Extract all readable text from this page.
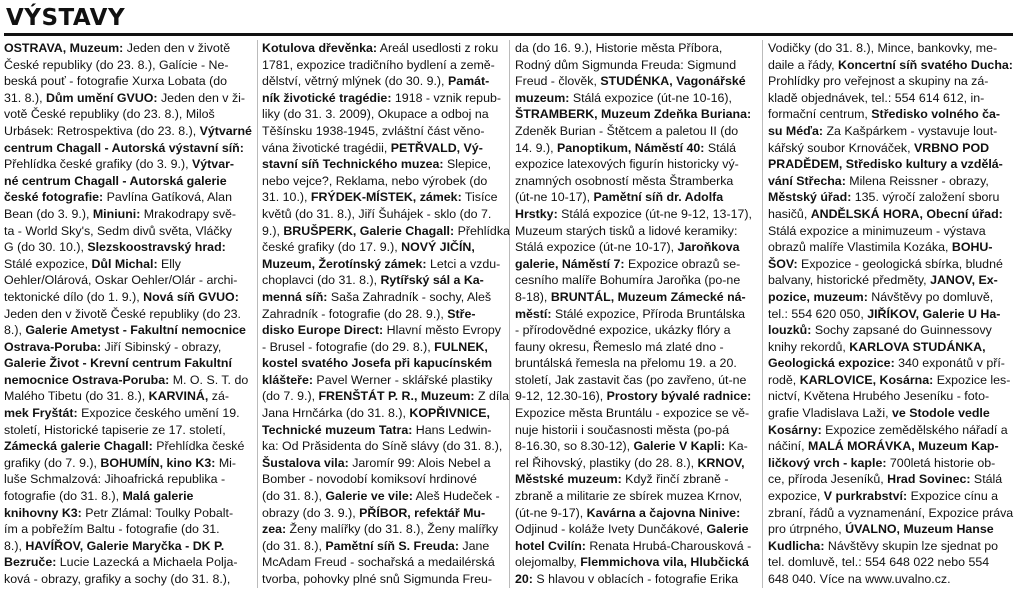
VÝSTAVY

OSTRAVA, Muzeum: Jeden den v životě

České republiky (do 23. 8.), Galície - Ne-

beská pouť - fotografie Xurxa Lobata (do

31. 8.), Dům umění GVUO: Jeden den v ži-

votě České republiky (do 23. 8.), Miloš

Urbásek: Retrospektiva (do 23. 8.), Výtvarné

centrum Chagall - Autorská výstavní síň:

Přehlídka české grafiky (do 3. 9.), Výtvar-

né centrum Chagall - Autorská galerie

české fotografie: Pavlína Gatíková, Alan

Bean (do 3. 9.), Miniuni: Mrakodrapy svě-

ta - World Sky's, Sedm divů světa, Vláčky

G (do 30. 10.), Slezskoostravský hrad:

Stálé expozice, Důl Michal: Elly

Oehler/Olárová, Oskar Oehler/Olár - archi-

tektonické dílo (do 1. 9.), Nová síň GVUO:

Jeden den v životě České republiky (do 23.

8.), Galerie Ametyst - Fakultní nemocnice

Ostrava-Poruba: Jiří Sibinský - obrazy,

Galerie Život - Krevní centrum Fakultní

nemocnice Ostrava-Poruba: M. O. S. T. do

Malého Tibetu (do 31. 8.), KARVINÁ, zá-

mek Fryštát: Expozice českého umění 19.

století, Historické tapiserie ze 17. století,

Zámecká galerie Chagall: Přehlídka české

grafiky (do 7. 9.), BOHUMÍN, kino K3: Mi-

luše Schmalzová: Jihoafrická republika -

fotografie (do 31. 8.), Malá galerie

knihovny K3: Petr Zlámal: Toulky Pobalt-

ím a pobřežím Baltu - fotografie (do 31.

8.), HAVÍŘOV, Galerie Maryčka - DK P.

Bezruče: Lucie Lazecká a Michaela Polja-

ková - obrazy, grafiky a sochy (do 31. 8.),

Kotulova dřevěnka: Areál usedlosti z roku

1781, expozice tradičního bydlení a země-

dělství, větrný mlýnek (do 30. 9.), Památ-

ník životické tragédie: 1918 - vznik repub-

liky (do 31. 3. 2009), Okupace a odboj na

Těšínsku 1938-1945, zvláštní část věno-

vána životické tragédii, PETŘVALD, Vý-

stavní síň Technického muzea: Slepice,

nebo vejce?, Reklama, nebo výrobek (do

31. 10.), FRÝDEK-MÍSTEK, zámek: Tisíce

květů (do 31. 8.), Jiří Šuhájek - sklo (do 7.

9.), BRUŠPERK, Galerie Chagall: Přehlídka

české grafiky (do 17. 9.), NOVÝ JIČÍN,

Muzeum, Žerotínský zámek: Letci a vzdu-

choplavci (do 31. 8.), Rytířský sál a Ka-

menná síň: Saša Zahradník - sochy, Aleš

Zahradník - fotografie (do 28. 9.), Stře-

disko Europe Direct: Hlavní město Evropy

- Brusel - fotografie (do 29. 8.), FULNEK,

kostel svatého Josefa při kapucínském

klášteře: Pavel Werner - sklářské plastiky

(do 7. 9.), FRENŠTÁT P. R., Muzeum: Z díla

Jana Hrnčárka (do 31. 8.), KOPŘIVNICE,

Technické muzeum Tatra: Hans Ledwin-

ka: Od Prăsidenta do Síně slávy (do 31. 8.),

Šustalova vila: Jaromír 99: Alois Nebel a

Bomber - novodobí komiksoví hrdinové

(do 31. 8.), Galerie ve vile: Aleš Hudeček -

obrazy (do 3. 9.), PŘÍBOR, refektář Mu-

zea: Ženy malířky (do 31. 8.), Ženy malířky

(do 31. 8.), Pamětní síň S. Freuda: Jane

McAdam Freud - sochařská a medailérská

tvorba, pohovky plné snů Sigmunda Freu-

da (do 16. 9.), Historie města Příbora,

Rodný dům Sigmunda Freuda: Sigmund

Freud - člověk, STUDÉNKA, Vagonářské

muzeum: Stálá expozice (út-ne 10-16),

ŠTRAMBERK, Muzeum Zdeňka Buriana:

Zdeněk Burian - Štětcem a paletou II (do

14. 9.), Panoptikum, Náměstí 40: Stálá

expozice latexových figurín historicky vý-

znamných osobností města Štramberka

(út-ne 10-17), Pamětní síň dr. Adolfa

Hrstky: Stálá expozice (út-ne 9-12, 13-17),

Muzeum starých tisků a lidové keramiky:

Stálá expozice (út-ne 10-17), Jaroňkova

galerie, Náměstí 7: Expozice obrazů se-

cesního malíře Bohumíra Jaroňka (po-ne

8-18), BRUNTÁL, Muzeum Zámecké ná-

městí: Stálé expozice, Příroda Bruntálska

- přírodovědné expozice, ukázky flóry a

fauny okresu, Řemeslo má zlaté dno -

bruntálská řemesla na přelomu 19. a 20.

století, Jak zastavit čas (po zavřeno, út-ne

9-12, 12.30-16), Prostory bývalé radnice:

Expozice města Bruntálu - expozice se vě-

nuje historii i současnosti města (po-pá

8-16.30, so 8.30-12), Galerie V Kapli: Ka-

rel Řihovský, plastiky (do 28. 8.), KRNOV,

Městské muzeum: Když řinčí zbraně -

zbraně a militarie ze sbírek muzea Krnov,

(út-ne 9-17), Kavárna a čajovna Ninive:

Odjinud - koláže Ivety Dunčákové, Galerie

hotel Cvilín: Renata Hrubá-Charousková -

olejomalby, Flemmichova vila, Hlubčická

20: S hlavou v oblacích - fotografie Erika

Vodičky (do 31. 8.), Mince, bankovky, me-

daile a řády, Koncertní síň svatého Ducha:

Prohlídky pro veřejnost a skupiny na zá-

kladě objednávek, tel.: 554 614 612, in-

formační centrum, Středisko volného ča-

su Méďa: Za Kašpárkem - vystavuje lout-

kářský soubor Krnováček, VRBNO POD

PRADĚDEM, Středisko kultury a vzdělá-

vání Střecha: Milena Reissner - obrazy,

Městský úřad: 135. výročí založení sboru

hasičů, ANDĚLSKÁ HORA, Obecní úřad:

Stálá expozice a minimuzeum - výstava

obrazů malíře Vlastimila Kozáka, BOHU-

ŠOV: Expozice - geologická sbírka, bludné

balvany, historické předměty, JANOV, Ex-

pozice, muzeum: Návštěvy po domluvě,

tel.: 554 620 050, JIŘÍKOV, Galerie U Ha-

louzků: Sochy zapsané do Guinnessovy

knihy rekordů, KARLOVA STUDÁNKA,

Geologická expozice: 340 exponátů v pří-

rodě, KARLOVICE, Kosárna: Expozice les-

nictví, Květena Hrubého Jeseníku - foto-

grafie Vladislava Laži, ve Stodole vedle

Kosárny: Expozice zemědělského nářadí a

náčiní, MALÁ MORÁVKA, Muzeum Kap-

ličkový vrch - kaple: 700letá historie ob-

ce, příroda Jeseníků, Hrad Sovinec: Stálá

expozice, V purkrabství: Expozice cínu a

zbraní, řádů a vyznamenání, Expozice práva

pro útrpného, ÚVALNO, Muzeum Hanse

Kudlicha: Návštěvy skupin lze sjednat po

tel. domluvě, tel.: 554 648 022 nebo 554

648 040. Více na www.uvalno.cz.
